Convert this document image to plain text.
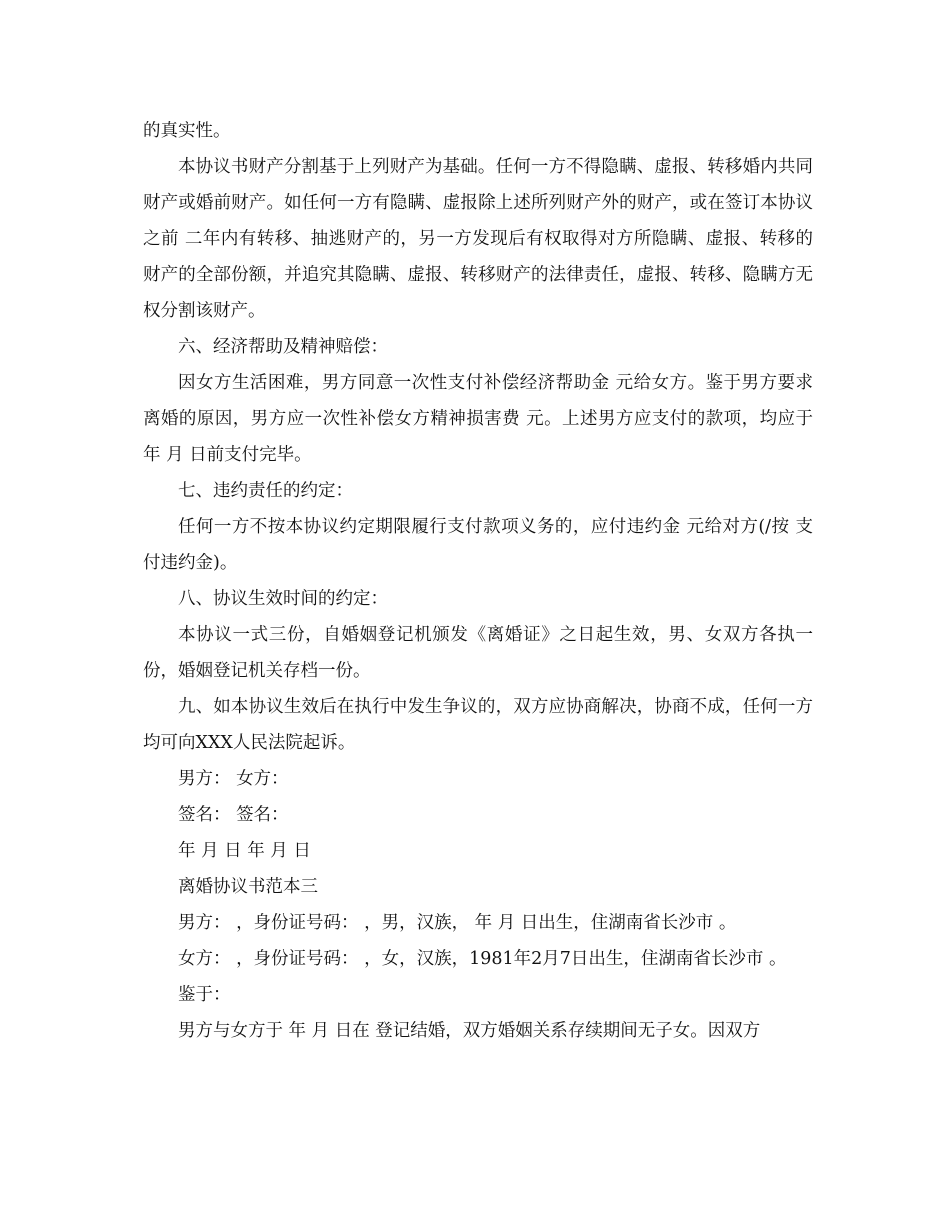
的真实性。

本协议书财产分割基于上列财产为基础。任何一方不得隐瞒、虚报、转移婚内共同财产或婚前财产。如任何一方有隐瞒、虚报除上述所列财产外的财产，或在签订本协议之前 二年内有转移、抽逃财产的，另一方发现后有权取得对方所隐瞒、虚报、转移的财产的全部份额，并追究其隐瞒、虚报、转移财产的法律责任，虚报、转移、隐瞒方无权分割该财产。

六、经济帮助及精神赔偿：

因女方生活困难，男方同意一次性支付补偿经济帮助金 元给女方。鉴于男方要求离婚的原因，男方应一次性补偿女方精神损害费 元。上述男方应支付的款项，均应于 年 月 日前支付完毕。

七、违约责任的约定：

任何一方不按本协议约定期限履行支付款项义务的，应付违约金 元给对方(/按 支付违约金)。

八、协议生效时间的约定：

本协议一式三份，自婚姻登记机颁发《离婚证》之日起生效，男、女双方各执一份，婚姻登记机关存档一份。

九、如本协议生效后在执行中发生争议的，双方应协商解决，协商不成，任何一方均可向XXX人民法院起诉。

男方： 女方：

签名： 签名：

年 月 日 年 月 日

离婚协议书范本三

男方： ，身份证号码： ，男，汉族， 年 月 日出生，住湖南省长沙市 。

女方： ，身份证号码： ，女，汉族，1981年2月7日出生，住湖南省长沙市 。

鉴于：

男方与女方于 年 月 日在 登记结婚，双方婚姻关系存续期间无子女。因双方
